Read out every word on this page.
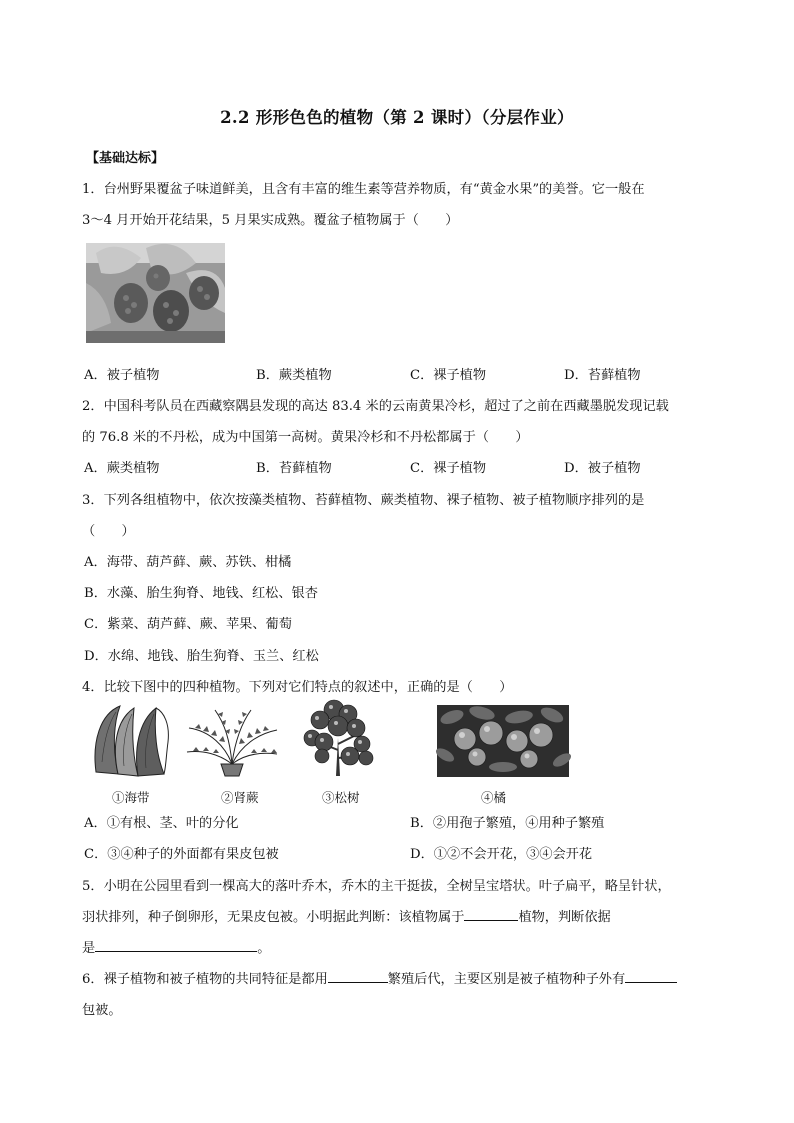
2.2 形形色色的植物（第 2 课时）（分层作业）
【基础达标】
1．台州野果覆盆子味道鲜美，且含有丰富的维生素等营养物质，有“黄金水果”的美誉。它一般在
3～4 月开始开花结果，5 月果实成熟。覆盆子植物属于（　　）
A．被子植物	B．蕨类植物	C．裸子植物	D．苔藓植物
2．中国科考队员在西藏察隅县发现的高达 83.4 米的云南黄果冷杉，超过了之前在西藏墨脱发现记载
的 76.8 米的不丹松，成为中国第一高树。黄果冷杉和不丹松都属于（　　）
A．蕨类植物	B．苔藓植物	C．裸子植物	D．被子植物
3．下列各组植物中，依次按藻类植物、苔藓植物、蕨类植物、裸子植物、被子植物顺序排列的是
（　　）
A．海带、葫芦藓、蕨、苏铁、柑橘
B．水藻、胎生狗脊、地钱、红松、银杏
C．紫菜、葫芦藓、蕨、苹果、葡萄
D．水绵、地钱、胎生狗脊、玉兰、红松
4．比较下图中的四种植物。下列对它们特点的叙述中，正确的是（　　）
①海带	②肾蕨	③松树	④橘
A．①有根、茎、叶的分化	B．②用孢子繁殖，④用种子繁殖
C．③④种子的外面都有果皮包被	D．①②不会开花，③④会开花
5．小明在公园里看到一棵高大的落叶乔木，乔木的主干挺拔，全树呈宝塔状。叶子扁平，略呈针状，
羽状排列，种子倒卵形，无果皮包被。小明据此判断：该植物属于	植物，判断依据
是	。
6．裸子植物和被子植物的共同特征是都用	繁殖后代，主要区别是被子植物种子外有
包被。
